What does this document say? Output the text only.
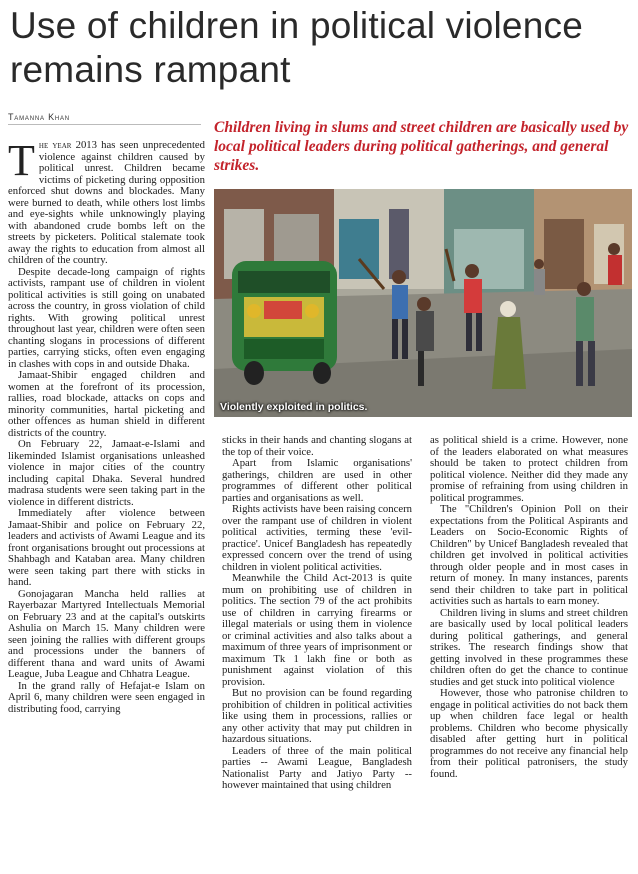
Use of children in political violence remains rampant
Tamanna Khan
Children living in slums and street children are basically used by local political leaders during political gatherings, and general strikes.
Violently exploited in politics.

The year 2013 has seen unprecedented violence against children caused by political unrest. Children became victims of picketing during opposition enforced shut downs and blockades. Many were burned to death, while others lost limbs and eye-sights while unknowingly playing with abandoned crude bombs left on the streets by picketers. Political stalemate took away the rights to education from almost all children of the country.

Despite decade-long campaign of rights activists, rampant use of children in violent political activities is still going on unabated across the country, in gross violation of child rights. With growing political unrest throughout last year, children were often seen chanting slogans in processions of different parties, carrying sticks, often even engaging in clashes with cops in and outside Dhaka.

Jamaat-Shibir engaged children and women at the forefront of its procession, rallies, road blockade, attacks on cops and minority communities, hartal picketing and other offences as human shield in different districts of the country.

On February 22, Jamaat-e-Islami and likeminded Islamist organisations unleashed violence in major cities of the country including capital Dhaka. Several hundred madrasa students were seen taking part in the violence in different districts.

Immediately after violence between Jamaat-Shibir and police on February 22, leaders and activists of Awami League and its front organisations brought out processions at Shahbagh and Kataban area. Many children were seen taking part there with sticks in hand.

Gonojagaran Mancha held rallies at Rayerbazar Martyred Intellectuals Memorial on February 23 and at the capital's outskirts Ashulia on March 15. Many children were seen joining the rallies with different groups and processions under the banners of different thana and ward units of Awami League, Juba League and Chhatra League.

In the grand rally of Hefajat-e Islam on April 6, many children were seen engaged in distributing food, carrying

sticks in their hands and chanting slogans at the top of their voice.

Apart from Islamic organisations' gatherings, children are used in other programmes of different other political parties and organisations as well.

Rights activists have been raising concern over the rampant use of children in violent political activities, terming these 'evil-practice'. Unicef Bangladesh has repeatedly expressed concern over the trend of using children in violent political activities.

Meanwhile the Child Act-2013 is quite mum on prohibiting use of children in politics. The section 79 of the act prohibits use of children in carrying firearms or illegal materials or using them in violence or criminal activities and also talks about a maximum of three years of imprisonment or maximum Tk 1 lakh fine or both as punishment against violation of this provision.

But no provision can be found regarding prohibition of children in political activities like using them in processions, rallies or any other activity that may put children in hazardous situations.

Leaders of three of the main political parties -- Awami League, Bangladesh Nationalist Party and Jatiyo Party -- however maintained that using children

as political shield is a crime. However, none of the leaders elaborated on what measures should be taken to protect children from political violence. Neither did they made any promise of refraining from using children in political programmes.

The "Children's Opinion Poll on their expectations from the Political Aspirants and Leaders on Socio-Economic Rights of Children" by Unicef Bangladesh revealed that children get involved in political activities through older people and in most cases in return of money. In many instances, parents send their children to take part in political activities such as hartals to earn money.

Children living in slums and street children are basically used by local political leaders during political gatherings, and general strikes. The research findings show that getting involved in these programmes these children often do get the chance to continue studies and get stuck into political violence

However, those who patronise children to engage in political activities do not back them up when children face legal or health problems. Children who become physically disabled after getting hurt in political programmes do not receive any financial help from their political patronisers, the study found.
